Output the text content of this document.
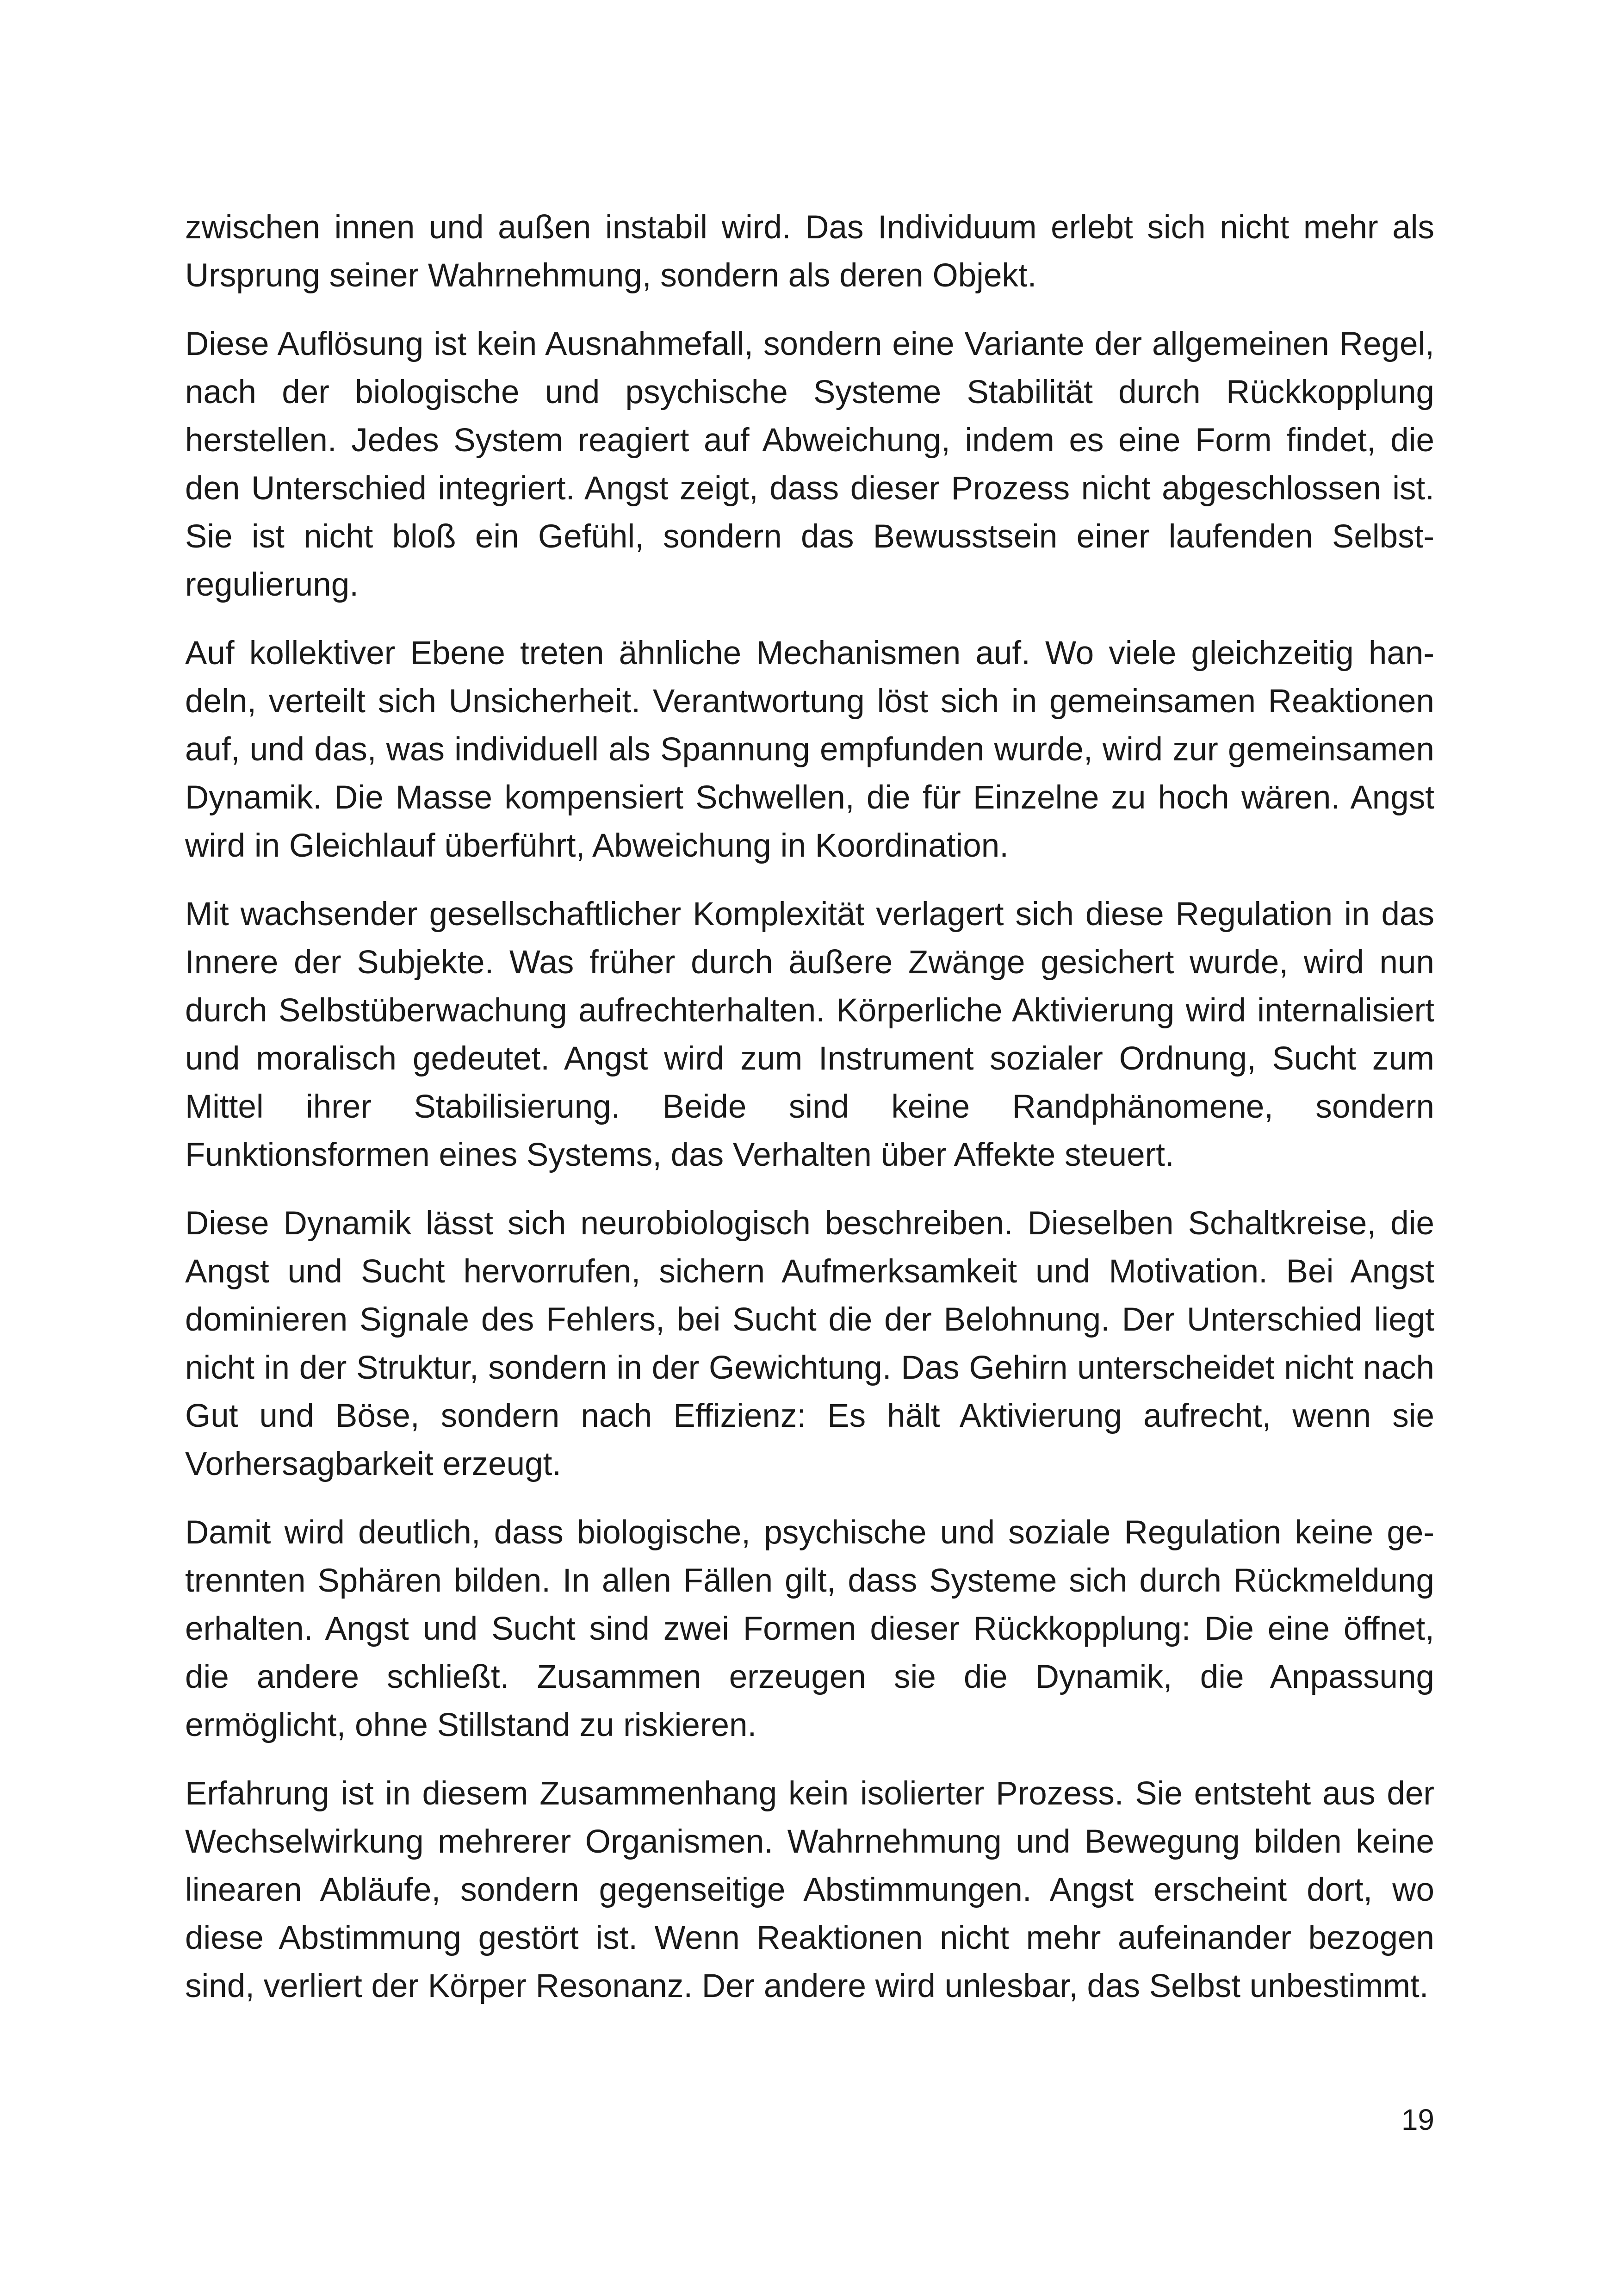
zwischen innen und außen instabil wird. Das Individuum erlebt sich nicht mehr als Ursprung seiner Wahrnehmung, sondern als deren Objekt.

Diese Auflösung ist kein Ausnahmefall, sondern eine Variante der allgemeinen Regel, nach der biologische und psychische Systeme Stabilität durch Rückkopplung herstellen. Jedes System reagiert auf Abweichung, indem es eine Form findet, die den Unterschied integriert. Angst zeigt, dass dieser Prozess nicht abgeschlossen ist. Sie ist nicht bloß ein Gefühl, sondern das Bewusstsein einer laufenden Selbstregulierung.

Auf kollektiver Ebene treten ähnliche Mechanismen auf. Wo viele gleichzeitig handeln, verteilt sich Unsicherheit. Verantwortung löst sich in gemeinsamen Reaktionen auf, und das, was individuell als Spannung empfunden wurde, wird zur gemeinsamen Dynamik. Die Masse kompensiert Schwellen, die für Einzelne zu hoch wären. Angst wird in Gleichlauf überführt, Abweichung in Koordination.

Mit wachsender gesellschaftlicher Komplexität verlagert sich diese Regulation in das Innere der Subjekte. Was früher durch äußere Zwänge gesichert wurde, wird nun durch Selbstüberwachung aufrechterhalten. Körperliche Aktivierung wird internalisiert und moralisch gedeutet. Angst wird zum Instrument sozialer Ordnung, Sucht zum Mittel ihrer Stabilisierung. Beide sind keine Randphänomene, sondern Funktionsformen eines Systems, das Verhalten über Affekte steuert.

Diese Dynamik lässt sich neurobiologisch beschreiben. Dieselben Schaltkreise, die Angst und Sucht hervorrufen, sichern Aufmerksamkeit und Motivation. Bei Angst dominieren Signale des Fehlers, bei Sucht die der Belohnung. Der Unterschied liegt nicht in der Struktur, sondern in der Gewichtung. Das Gehirn unterscheidet nicht nach Gut und Böse, sondern nach Effizienz: Es hält Aktivierung aufrecht, wenn sie Vorhersagbarkeit erzeugt.

Damit wird deutlich, dass biologische, psychische und soziale Regulation keine getrennten Sphären bilden. In allen Fällen gilt, dass Systeme sich durch Rückmeldung erhalten. Angst und Sucht sind zwei Formen dieser Rückkopplung: Die eine öffnet, die andere schließt. Zusammen erzeugen sie die Dynamik, die Anpassung ermöglicht, ohne Stillstand zu riskieren.

Erfahrung ist in diesem Zusammenhang kein isolierter Prozess. Sie entsteht aus der Wechselwirkung mehrerer Organismen. Wahrnehmung und Bewegung bilden keine linearen Abläufe, sondern gegenseitige Abstimmungen. Angst erscheint dort, wo diese Abstimmung gestört ist. Wenn Reaktionen nicht mehr aufeinander bezogen sind, verliert der Körper Resonanz. Der andere wird unlesbar, das Selbst unbestimmt.

19
